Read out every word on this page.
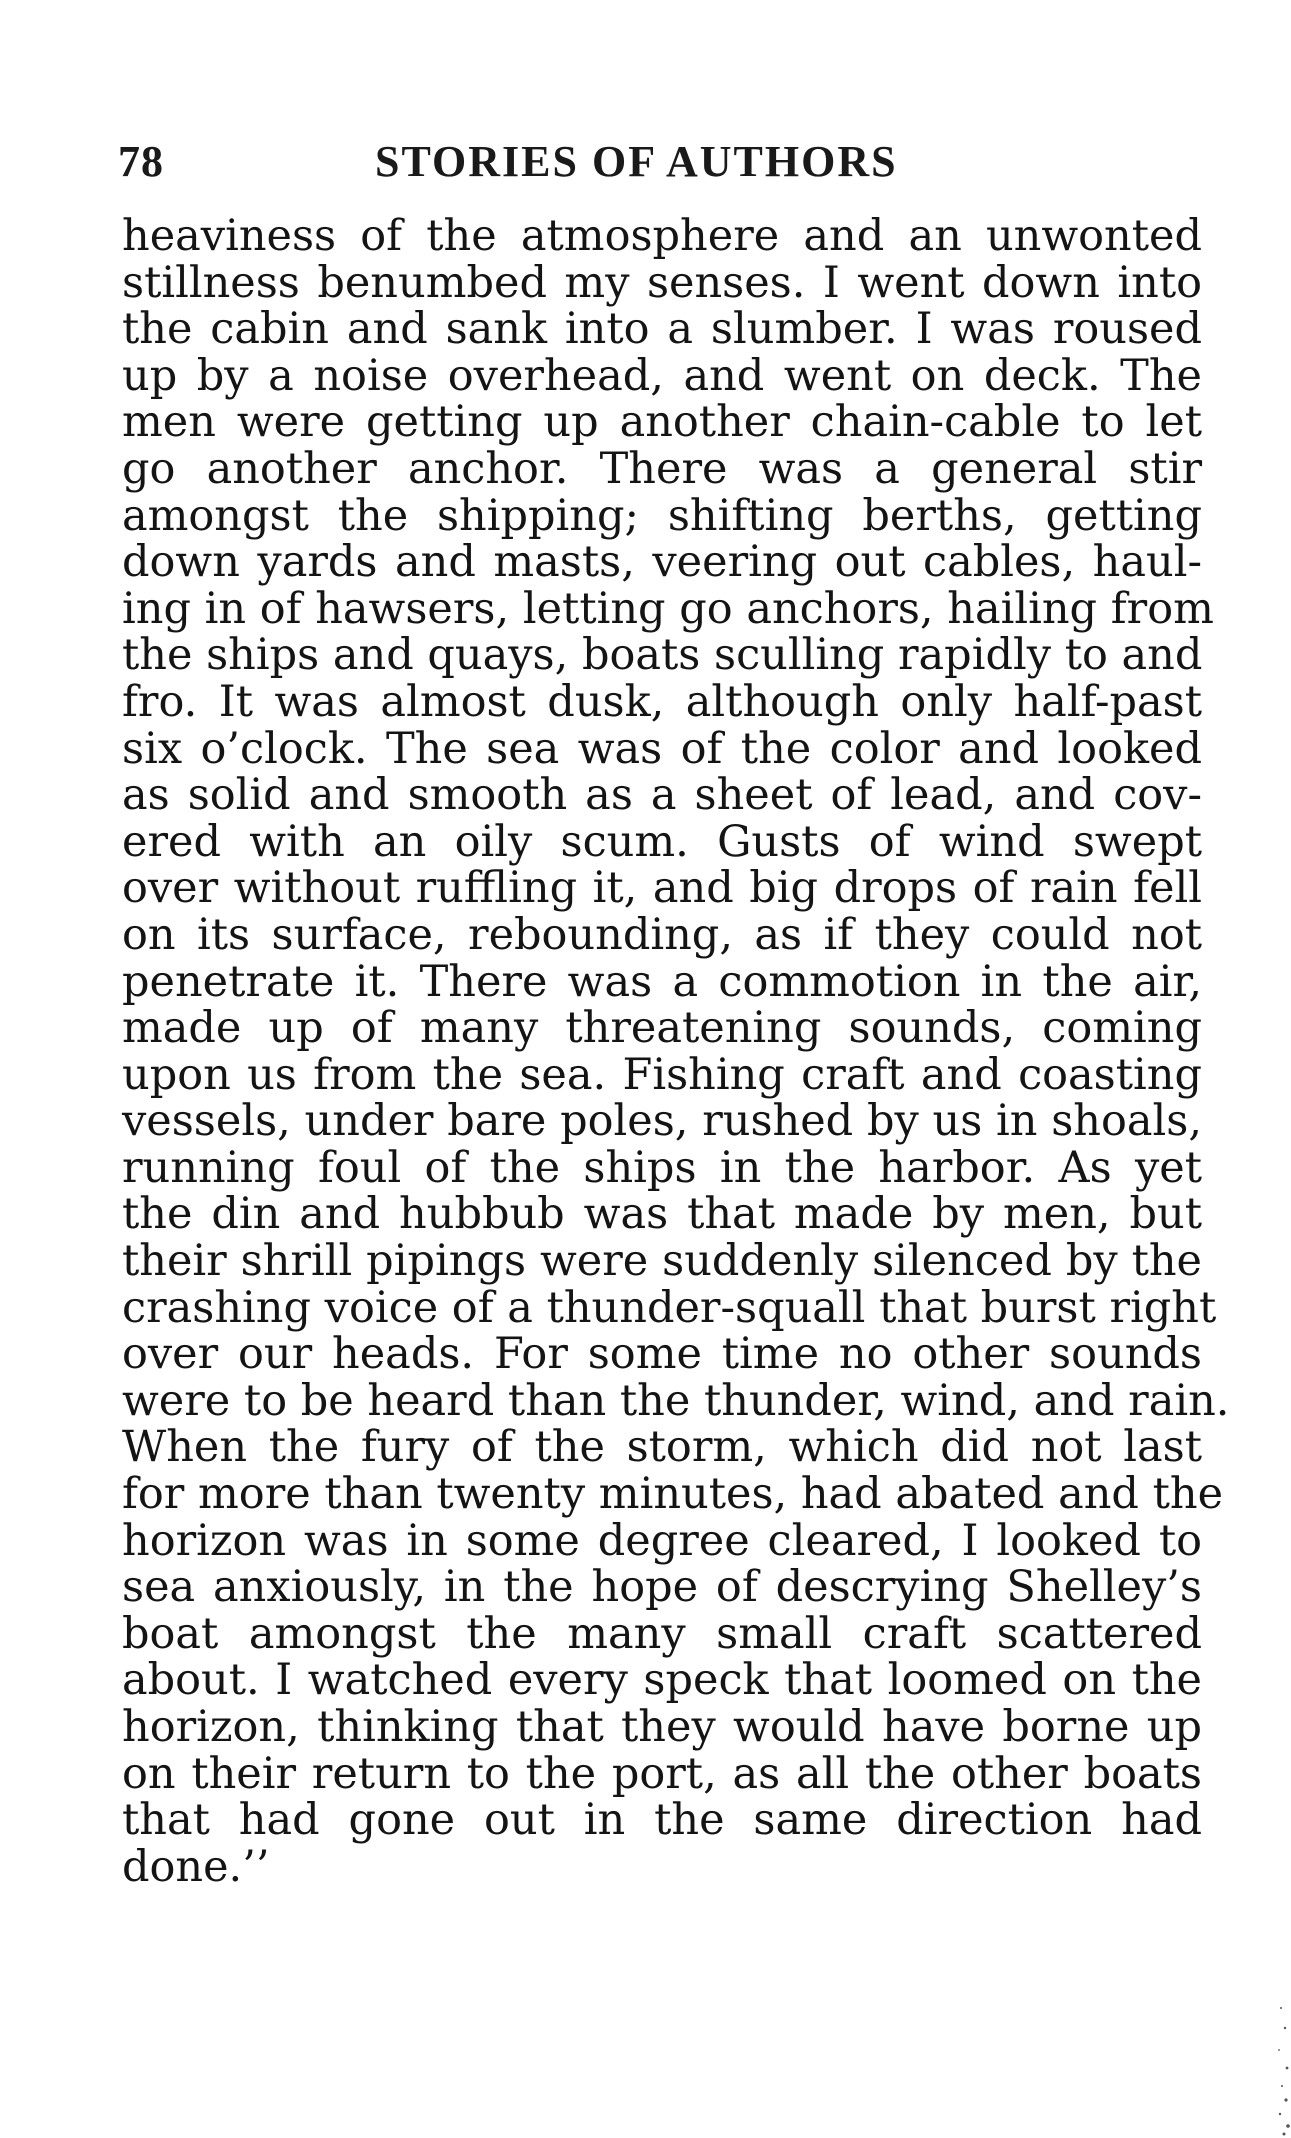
78	STORIES OF AUTHORS
heaviness of the atmosphere and an unwonted
stillness benumbed my senses. I went down into
the cabin and sank into a slumber. I was roused
up by a noise overhead, and went on deck. The
men were getting up another chain-cable to let
go another anchor. There was a general stir
amongst the shipping; shifting berths, getting
down yards and masts, veering out cables, haul-
ing in of hawsers, letting go anchors, hailing from
the ships and quays, boats sculling rapidly to and
fro. It was almost dusk, although only half-past
six o’clock. The sea was of the color and looked
as solid and smooth as a sheet of lead, and cov-
ered with an oily scum. Gusts of wind swept
over without ruffling it, and big drops of rain fell
on its surface, rebounding, as if they could not
penetrate it. There was a commotion in the air,
made up of many threatening sounds, coming
upon us from the sea. Fishing craft and coasting
vessels, under bare poles, rushed by us in shoals,
running foul of the ships in the harbor. As yet
the din and hubbub was that made by men, but
their shrill pipings were suddenly silenced by the
crashing voice of a thunder-squall that burst right
over our heads. For some time no other sounds
were to be heard than the thunder, wind, and rain.
When the fury of the storm, which did not last
for more than twenty minutes, had abated and the
horizon was in some degree cleared, I looked to
sea anxiously, in the hope of descrying Shelley’s
boat amongst the many small craft scattered
about. I watched every speck that loomed on the
horizon, thinking that they would have borne up
on their return to the port, as all the other boats
that had gone out in the same direction had
done.’’
